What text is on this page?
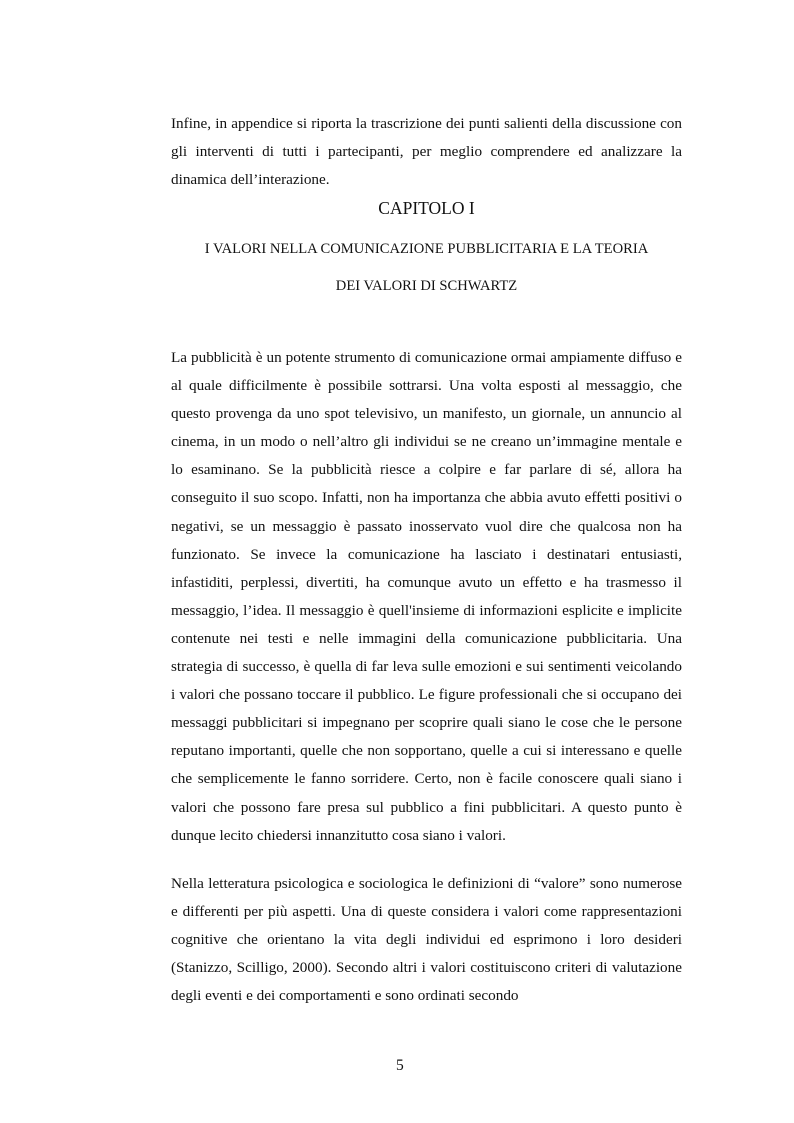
Infine, in appendice si riporta la trascrizione dei punti salienti della discussione con gli interventi di tutti i partecipanti, per meglio comprendere ed analizzare la dinamica dell’interazione.

CAPITOLO I
I VALORI NELLA COMUNICAZIONE PUBBLICITARIA E LA TEORIA
DEI VALORI DI SCHWARTZ

La pubblicità è un potente strumento di comunicazione ormai ampiamente diffuso e al quale difficilmente è possibile sottrarsi. Una volta esposti al messaggio, che questo provenga da uno spot televisivo, un manifesto, un giornale, un annuncio al cinema, in un modo o nell’altro gli individui se ne creano un’immagine mentale e lo esaminano. Se la pubblicità riesce a colpire e far parlare di sé, allora ha conseguito il suo scopo. Infatti, non ha importanza che abbia avuto effetti positivi o negativi, se un messaggio è passato inosservato vuol dire che qualcosa non ha funzionato. Se invece la comunicazione ha lasciato i destinatari entusiasti, infastiditi, perplessi, divertiti, ha comunque avuto un effetto e ha trasmesso il messaggio, l’idea. Il messaggio è quell'insieme di informazioni esplicite e implicite contenute nei testi e nelle immagini della comunicazione pubblicitaria. Una strategia di successo, è quella di far leva sulle emozioni e sui sentimenti veicolando i valori che possano toccare il pubblico. Le figure professionali che si occupano dei messaggi pubblicitari si impegnano per scoprire quali siano le cose che le persone reputano importanti, quelle che non sopportano, quelle a cui si interessano e quelle che semplicemente le fanno sorridere. Certo, non è facile conoscere quali siano i valori che possono fare presa sul pubblico a fini pubblicitari. A questo punto è dunque lecito chiedersi innanzitutto cosa siano i valori.

Nella letteratura psicologica e sociologica le definizioni di “valore” sono numerose e differenti per più aspetti. Una di queste considera i valori come rappresentazioni cognitive che orientano la vita degli individui ed esprimono i loro desideri (Stanizzo, Scilligo, 2000). Secondo altri i valori costituiscono criteri di valutazione degli eventi e dei comportamenti e sono ordinati secondo

5
